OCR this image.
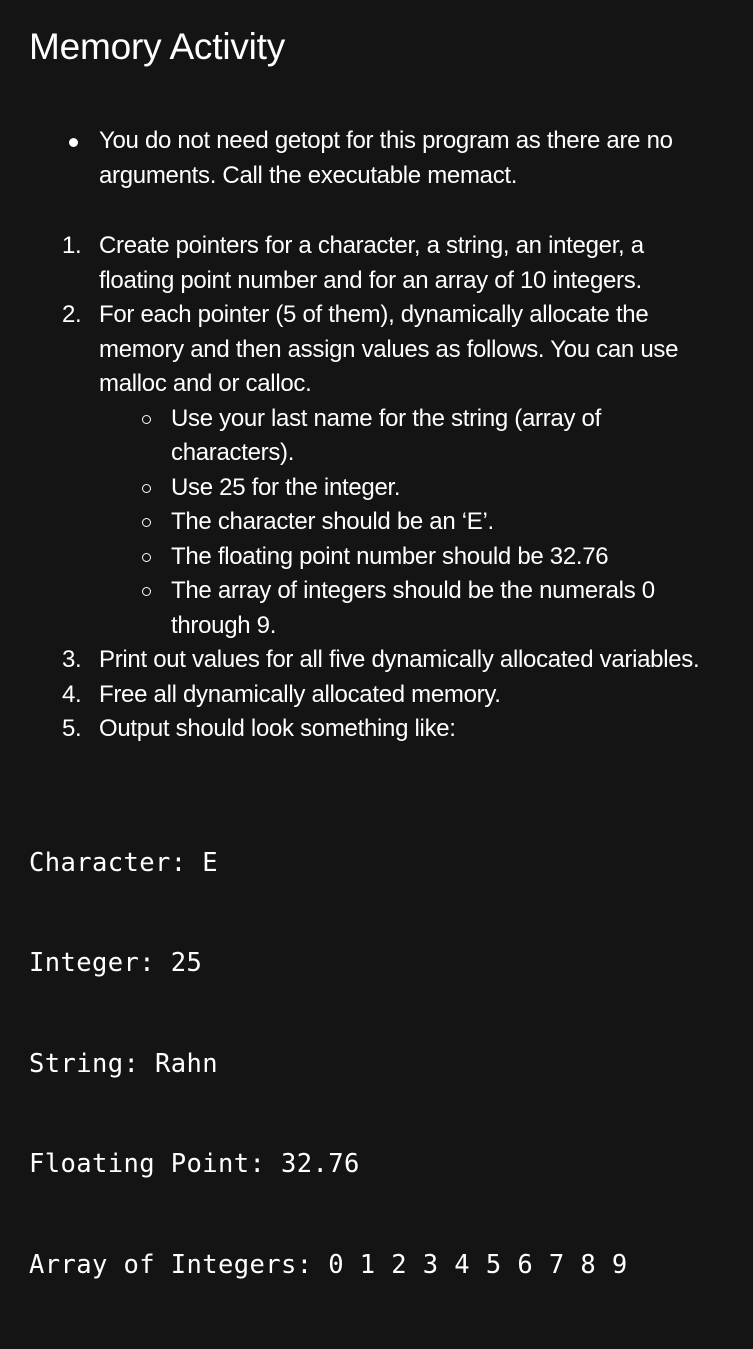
Memory Activity
You do not need getopt for this program as there are no arguments. Call the executable memact.
1. Create pointers for a character, a string, an integer, a floating point number and for an array of 10 integers.
2. For each pointer (5 of them), dynamically allocate the memory and then assign values as follows. You can use malloc and or calloc.
Use your last name for the string (array of characters).
Use 25 for the integer.
The character should be an ‘E’.
The floating point number should be 32.76
The array of integers should be the numerals 0 through 9.
3. Print out values for all five dynamically allocated variables.
4. Free all dynamically allocated memory.
5. Output should look something like:

Character: E

Integer: 25

String: Rahn

Floating Point: 32.76

Array of Integers: 0 1 2 3 4 5 6 7 8 9
